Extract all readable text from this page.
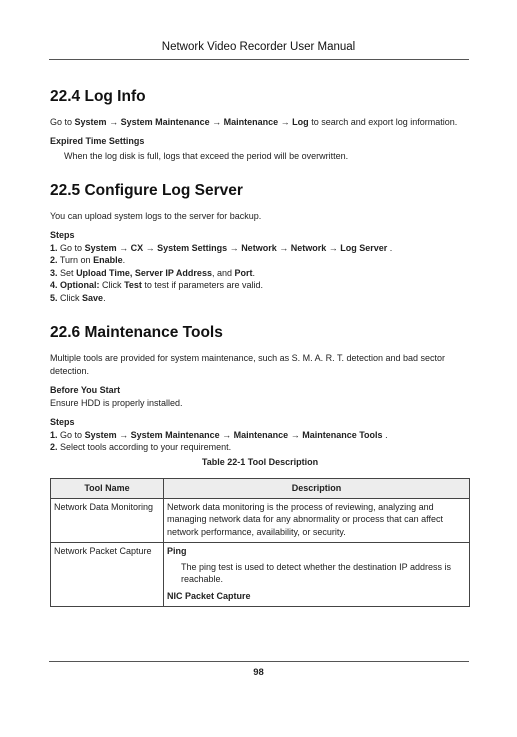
Network Video Recorder User Manual
22.4 Log Info

Go to System → System Maintenance → Maintenance → Log to search and export log information.

Expired Time Settings

When the log disk is full, logs that exceed the period will be overwritten.

22.5 Configure Log Server

You can upload system logs to the server for backup.

Steps

1. Go to System → CX → System Settings → Network → Network → Log Server .

2. Turn on Enable.

3. Set Upload Time, Server IP Address, and Port.

4. Optional: Click Test to test if parameters are valid.

5. Click Save.

22.6 Maintenance Tools

Multiple tools are provided for system maintenance, such as S. M. A. R. T. detection and bad sector detection.

Before You Start

Ensure HDD is properly installed.

Steps

1. Go to System → System Maintenance → Maintenance → Maintenance Tools .

2. Select tools according to your requirement.

Table 22-1 Tool Description

Tool Name	Description
Network Data Monitoring	Network data monitoring is the process of reviewing, analyzing and managing network data for any abnormality or process that can affect network performance, availability, or security.
Network Packet Capture	Ping
The ping test is used to detect whether the destination IP address is reachable.
NIC Packet Capture
98
